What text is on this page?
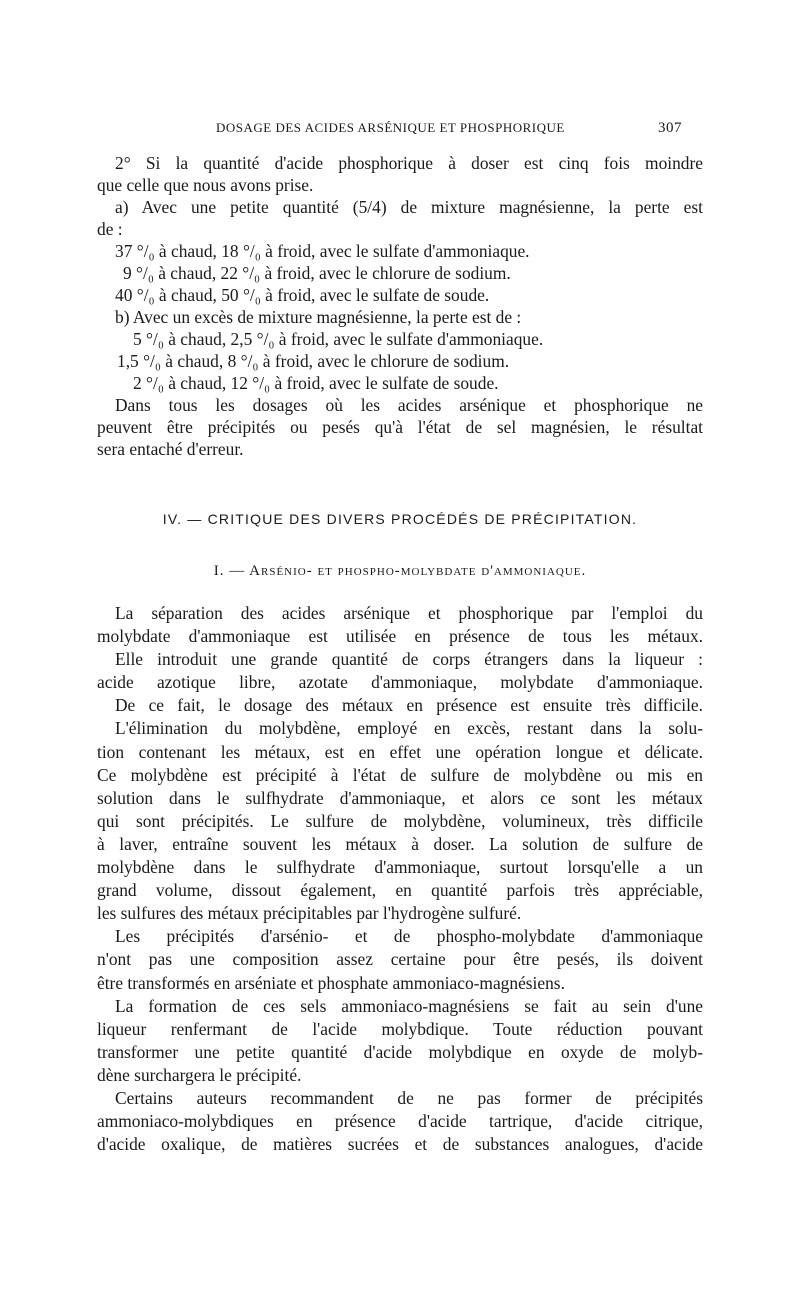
DOSAGE DES ACIDES ARSÉNIQUE ET PHOSPHORIQUE	307
2° Si la quantité d'acide phosphorique à doser est cinq fois moindre
que celle que nous avons prise.
a) Avec une petite quantité (5/4) de mixture magnésienne, la perte est
de :
37 °/₀ à chaud, 18 °/₀ à froid, avec le sulfate d'ammoniaque.
9 °/₀ à chaud, 22 °/₀ à froid, avec le chlorure de sodium.
40 °/₀ à chaud, 50 °/₀ à froid, avec le sulfate de soude.
b) Avec un excès de mixture magnésienne, la perte est de :
5 °/₀ à chaud, 2,5 °/₀ à froid, avec le sulfate d'ammoniaque.
1,5 °/₀ à chaud, 8 °/₀ à froid, avec le chlorure de sodium.
2 °/₀ à chaud, 12 °/₀ à froid, avec le sulfate de soude.
Dans tous les dosages où les acides arsénique et phosphorique ne
peuvent être précipités ou pesés qu'à l'état de sel magnésien, le résultat
sera entaché d'erreur.
IV. — CRITIQUE DES DIVERS PROCÉDÉS DE PRÉCIPITATION.
I. — Arsénio- et phospho-molybdate d'ammoniaque.
La séparation des acides arsénique et phosphorique par l'emploi du
molybdate d'ammoniaque est utilisée en présence de tous les métaux.
Elle introduit une grande quantité de corps étrangers dans la liqueur :
acide azotique libre, azotate d'ammoniaque, molybdate d'ammoniaque.
De ce fait, le dosage des métaux en présence est ensuite très difficile.
L'élimination du molybdène, employé en excès, restant dans la solu-
tion contenant les métaux, est en effet une opération longue et délicate.
Ce molybdène est précipité à l'état de sulfure de molybdène ou mis en
solution dans le sulfhydrate d'ammoniaque, et alors ce sont les métaux
qui sont précipités. Le sulfure de molybdène, volumineux, très difficile
à laver, entraîne souvent les métaux à doser. La solution de sulfure de
molybdène dans le sulfhydrate d'ammoniaque, surtout lorsqu'elle a un
grand volume, dissout également, en quantité parfois très appréciable,
les sulfures des métaux précipitables par l'hydrogène sulfuré.
Les précipités d'arsénio- et de phospho-molybdate d'ammoniaque
n'ont pas une composition assez certaine pour être pesés, ils doivent
être transformés en arséniate et phosphate ammoniaco-magnésiens.
La formation de ces sels ammoniaco-magnésiens se fait au sein d'une
liqueur renfermant de l'acide molybdique. Toute réduction pouvant
transformer une petite quantité d'acide molybdique en oxyde de molyb-
dène surchargera le précipité.
Certains auteurs recommandent de ne pas former de précipités
ammoniaco-molybdiques en présence d'acide tartrique, d'acide citrique,
d'acide oxalique, de matières sucrées et de substances analogues, d'acide
